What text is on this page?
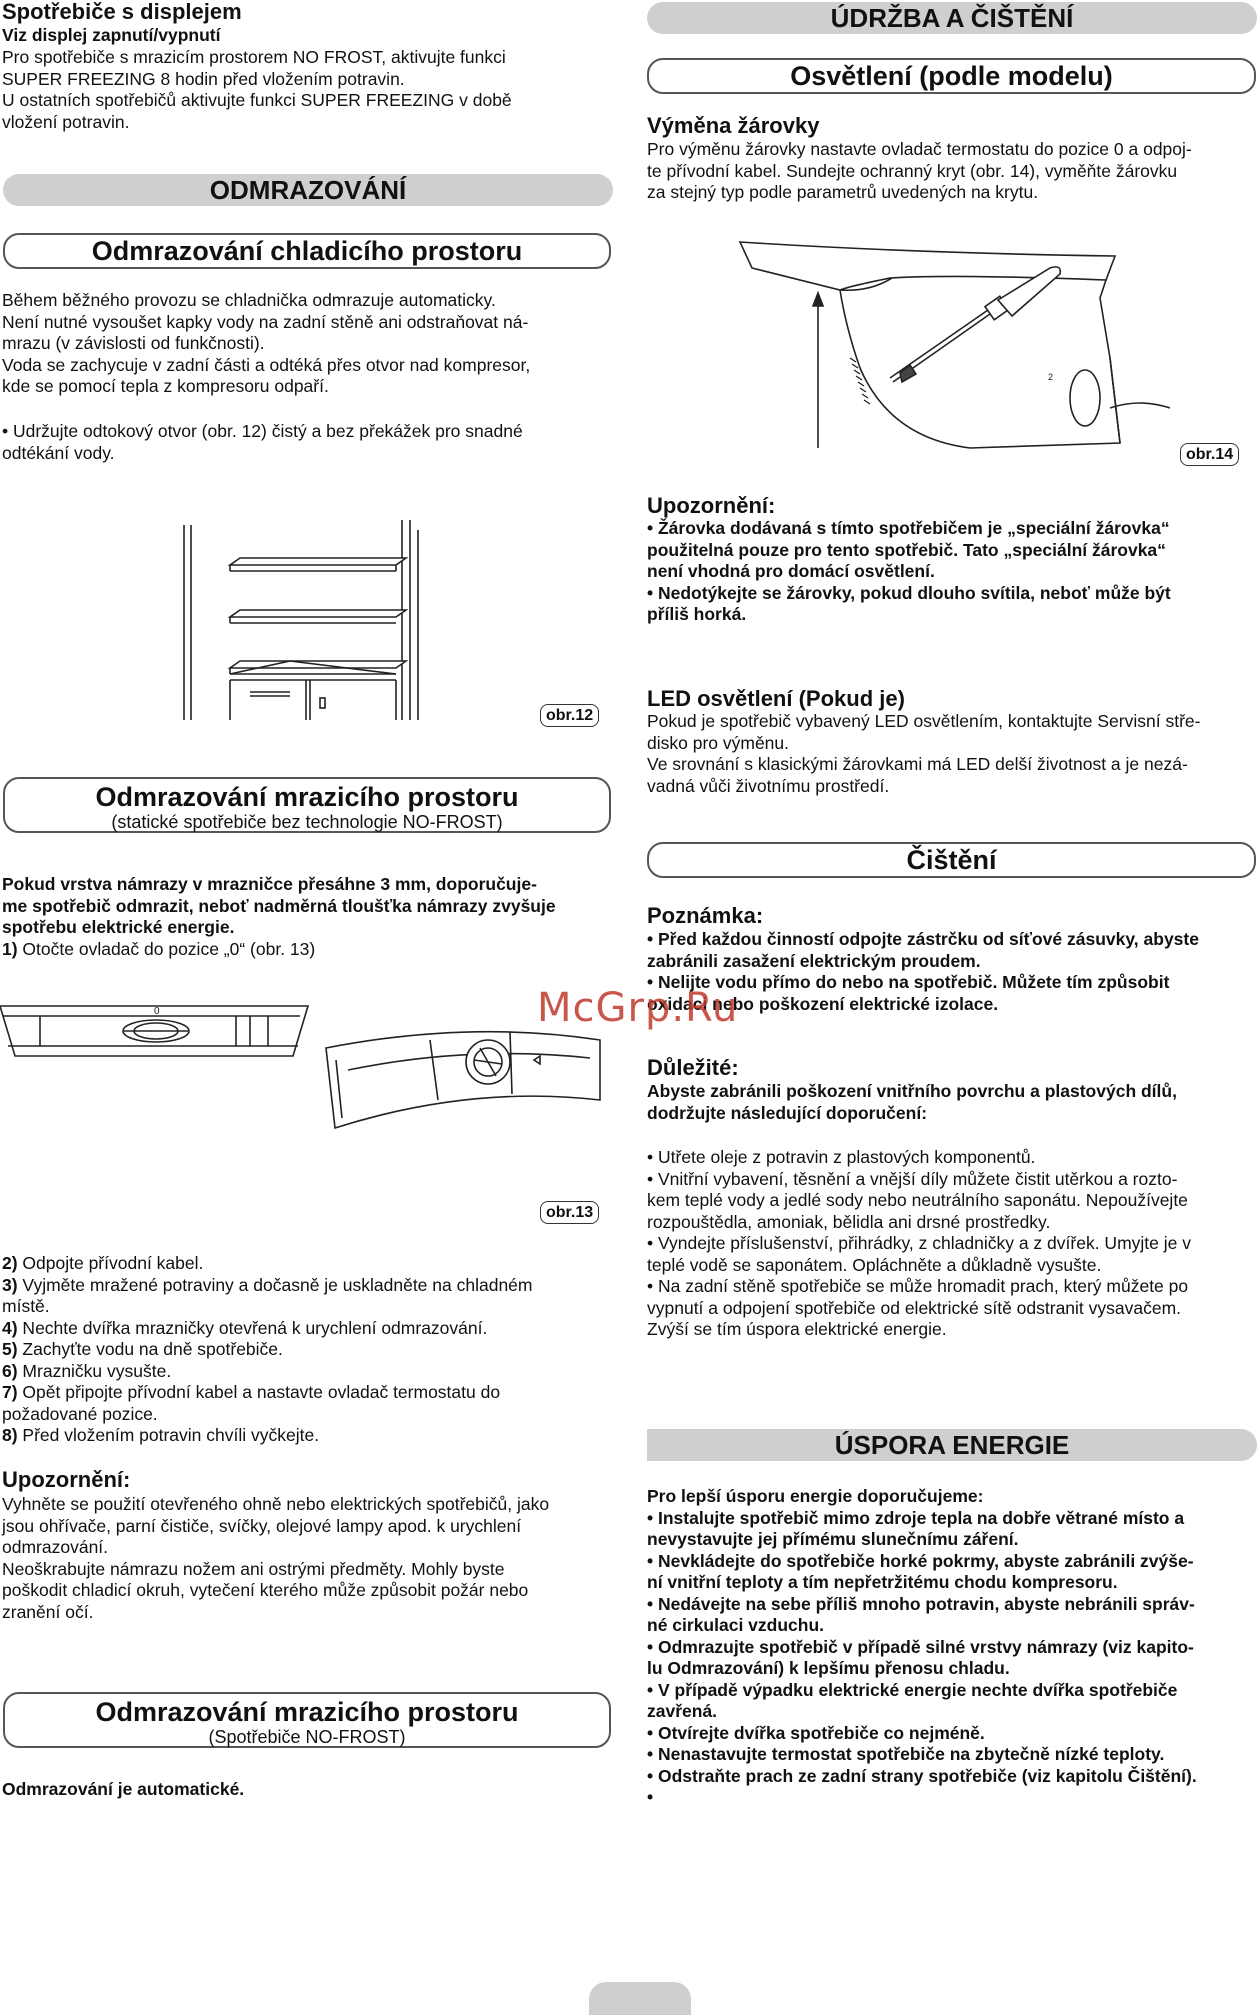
Spotřebiče s displejem
Viz displej zapnutí/vypnutí

Pro spotřebiče s mrazicím prostorem NO FROST, aktivujte funkci

SUPER FREEZING 8 hodin před vložením potravin.

U ostatních spotřebičů aktivujte funkci SUPER FREEZING v době

vložení potravin.

ODMRAZOVÁNÍ
Odmrazování chladicího prostoru

Během běžného provozu se chladnička odmrazuje automaticky.

Není nutné vysoušet kapky vody na zadní stěně ani odstraňovat ná-

mrazu (v závislosti od funkčnosti).

Voda se zachycuje v zadní části a odtéká přes otvor nad kompresor,

kde se pomocí tepla z kompresoru odpaří.

• Udržujte odtokový otvor (obr. 12) čistý a bez překážek pro snadné

odtékání vody.

obr.12
Odmrazování mrazicího prostoru
(statické spotřebiče bez technologie NO-FROST)

Pokud vrstva námrazy v mrazničce přesáhne 3 mm, doporučuje-

me spotřebič odmrazit, neboť nadměrná tloušťka námrazy zvyšuje

spotřebu elektrické energie.

1) Otočte ovladač do pozice „0“ (obr. 13)

0
obr.13

2) Odpojte přívodní kabel.

3) Vyjměte mražené potraviny a dočasně je uskladněte na chladném

místě.

4) Nechte dvířka mrazničky otevřená k urychlení odmrazování.

5) Zachyťte vodu na dně spotřebiče.

6) Mrazničku vysušte.

7) Opět připojte přívodní kabel a nastavte ovladač termostatu do

požadované pozice.

8) Před vložením potravin chvíli vyčkejte.

Upozornění:

Vyhněte se použití otevřeného ohně nebo elektrických spotřebičů, jako

jsou ohřívače, parní čističe, svíčky, olejové lampy apod. k urychlení

odmrazování.

Neoškrabujte námrazu nožem ani ostrými předměty. Mohly byste

poškodit chladicí okruh, vytečení kterého může způsobit požár nebo

zranění očí.

Odmrazování mrazicího prostoru
(Spotřebiče NO-FROST)

Odmrazování je automatické.

ÚDRŽBA A ČIŠTĚNÍ
Osvětlení (podle modelu)
Výměna žárovky

Pro výměnu žárovky nastavte ovladač termostatu do pozice 0 a odpoj-

te přívodní kabel. Sundejte ochranný kryt (obr. 14), vyměňte žárovku

za stejný typ podle parametrů uvedených na krytu.

2
obr.14
Upozornění:

• Žárovka dodávaná s tímto spotřebičem je „speciální žárovka“

použitelná pouze pro tento spotřebič. Tato „speciální žárovka“

není vhodná pro domácí osvětlení.

• Nedotýkejte se žárovky, pokud dlouho svítila, neboť může být

příliš horká.

LED osvětlení (Pokud je)

Pokud je spotřebič vybavený LED osvětlením, kontaktujte Servisní stře-

disko pro výměnu.

Ve srovnání s klasickými žárovkami má LED delší životnost a je nezá-

vadná vůči životnímu prostředí.

Čištění
Poznámka:

• Před každou činností odpojte zástrčku od síťové zásuvky, abyste

zabránili zasažení elektrickým proudem.

• Nelijte vodu přímo do nebo na spotřebič. Můžete tím způsobit

oxidaci nebo poškození elektrické izolace.

Důležité:

Abyste zabránili poškození vnitřního povrchu a plastových dílů,

dodržujte následující doporučení:

• Utřete oleje z potravin z plastových komponentů.

• Vnitřní vybavení, těsnění a vnější díly můžete čistit utěrkou a rozto-

kem teplé vody a jedlé sody nebo neutrálního saponátu. Nepoužívejte

rozpouštědla, amoniak, bělidla ani drsné prostředky.

• Vyndejte příslušenství, přihrádky, z chladničky a z dvířek. Umyjte je v

teplé vodě se saponátem. Opláchněte a důkladně vysušte.

• Na zadní stěně spotřebiče se může hromadit prach, který můžete po

vypnutí a odpojení spotřebiče od elektrické sítě odstranit vysavačem.

Zvýší se tím úspora elektrické energie.

ÚSPORA ENERGIE

Pro lepší úsporu energie doporučujeme:

• Instalujte spotřebič mimo zdroje tepla na dobře větrané místo a

nevystavujte jej přímému slunečnímu záření.

• Nevkládejte do spotřebiče horké pokrmy, abyste zabránili zvýše-

ní vnitřní teploty a tím nepřetržitému chodu kompresoru.

• Nedávejte na sebe příliš mnoho potravin, abyste nebránili správ-

né cirkulaci vzduchu.

• Odmrazujte spotřebič v případě silné vrstvy námrazy (viz kapito-

lu Odmrazování) k lepšímu přenosu chladu.

• V případě výpadku elektrické energie nechte dvířka spotřebiče

zavřená.

• Otvírejte dvířka spotřebiče co nejméně.

• Nenastavujte termostat spotřebiče na zbytečně nízké teploty.

• Odstraňte prach ze zadní strany spotřebiče (viz kapitolu Čištění).

•

McGrp.Ru
